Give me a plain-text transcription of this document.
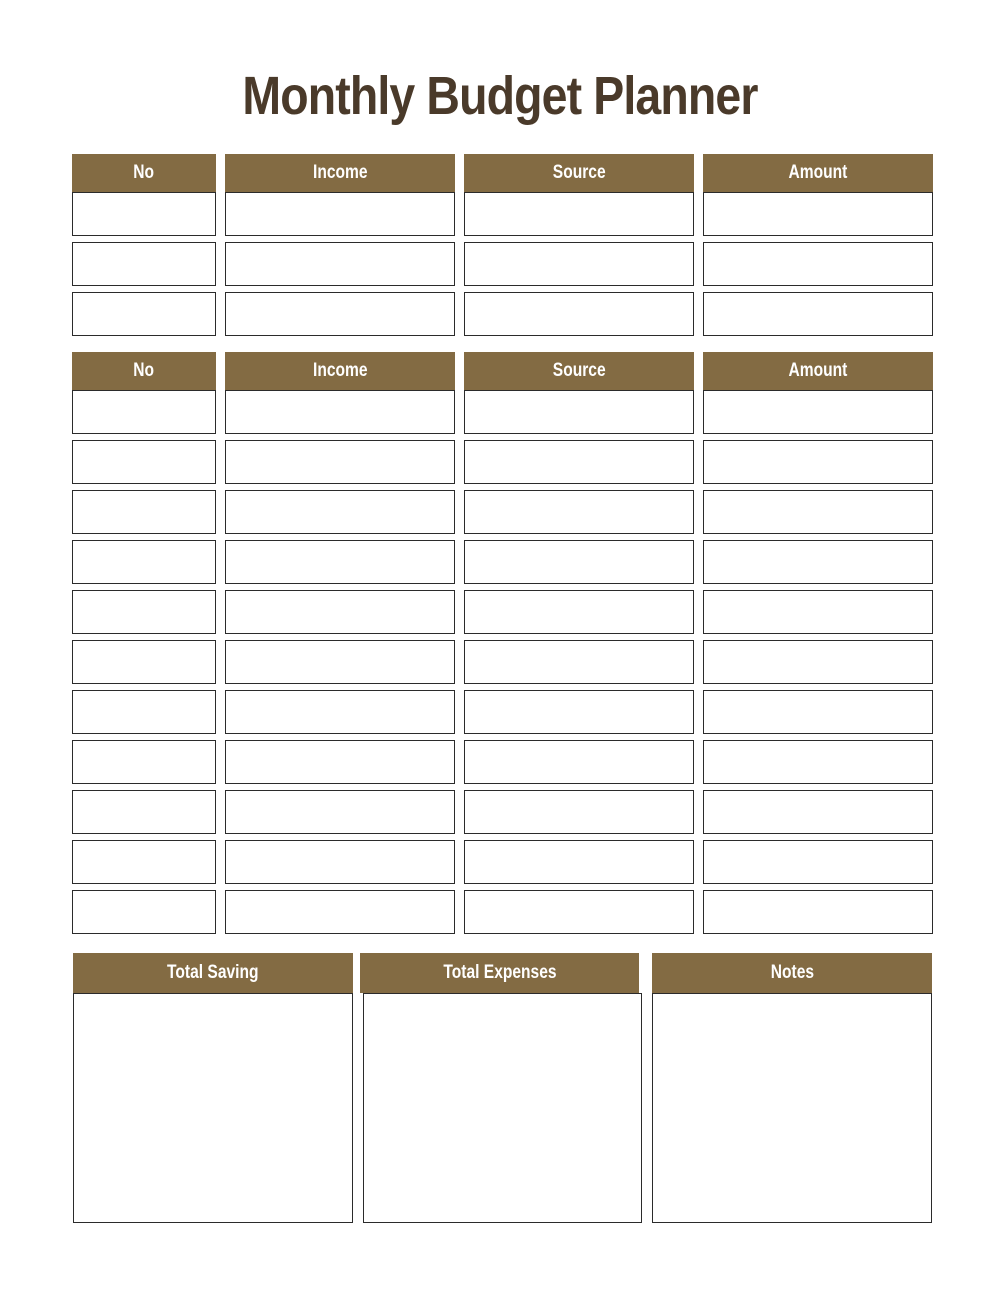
Monthly Budget Planner
No	Income	Source	Amount
No	Income	Source	Amount
Total Saving	Total Expenses	Notes
